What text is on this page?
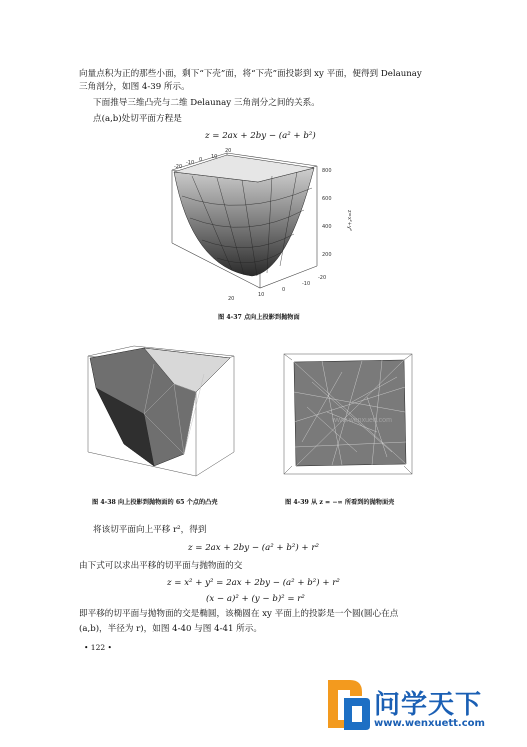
向量点积为正的那些小面，剩下“下壳”面，将“下壳”面投影到 xy 平面，便得到 Delaunay
三角剖分，如图 4-39 所示。
下面推导三维凸壳与二维 Delaunay 三角剖分之间的关系。
点(a,b)处切平面方程是
z = 2ax + 2by − (a² + b²)
-20
-10 0 10
20
800
600
400
200
z=x²+y²
20
10
0
-10
-20
图 4-37 点向上投影到抛物面
图 4-38 向上投影到抛物面的 65 个点的凸壳
www.wenxuett.com
图 4-39 从 z = −∞ 所看到的抛物面壳
将该切平面向上平移 r²，得到
z = 2ax + 2by − (a² + b²) + r²
由下式可以求出平移的切平面与抛物面的交
z = x² + y² = 2ax + 2by − (a² + b²) + r²
(x − a)² + (y − b)² = r²
即平移的切平面与抛物面的交是椭圆，该椭圆在 xy 平面上的投影是一个圆(圆心在点
(a,b)，半径为 r)，如图 4-40 与图 4-41 所示。
• 122 •
问学天下
www.wenxuett.com
